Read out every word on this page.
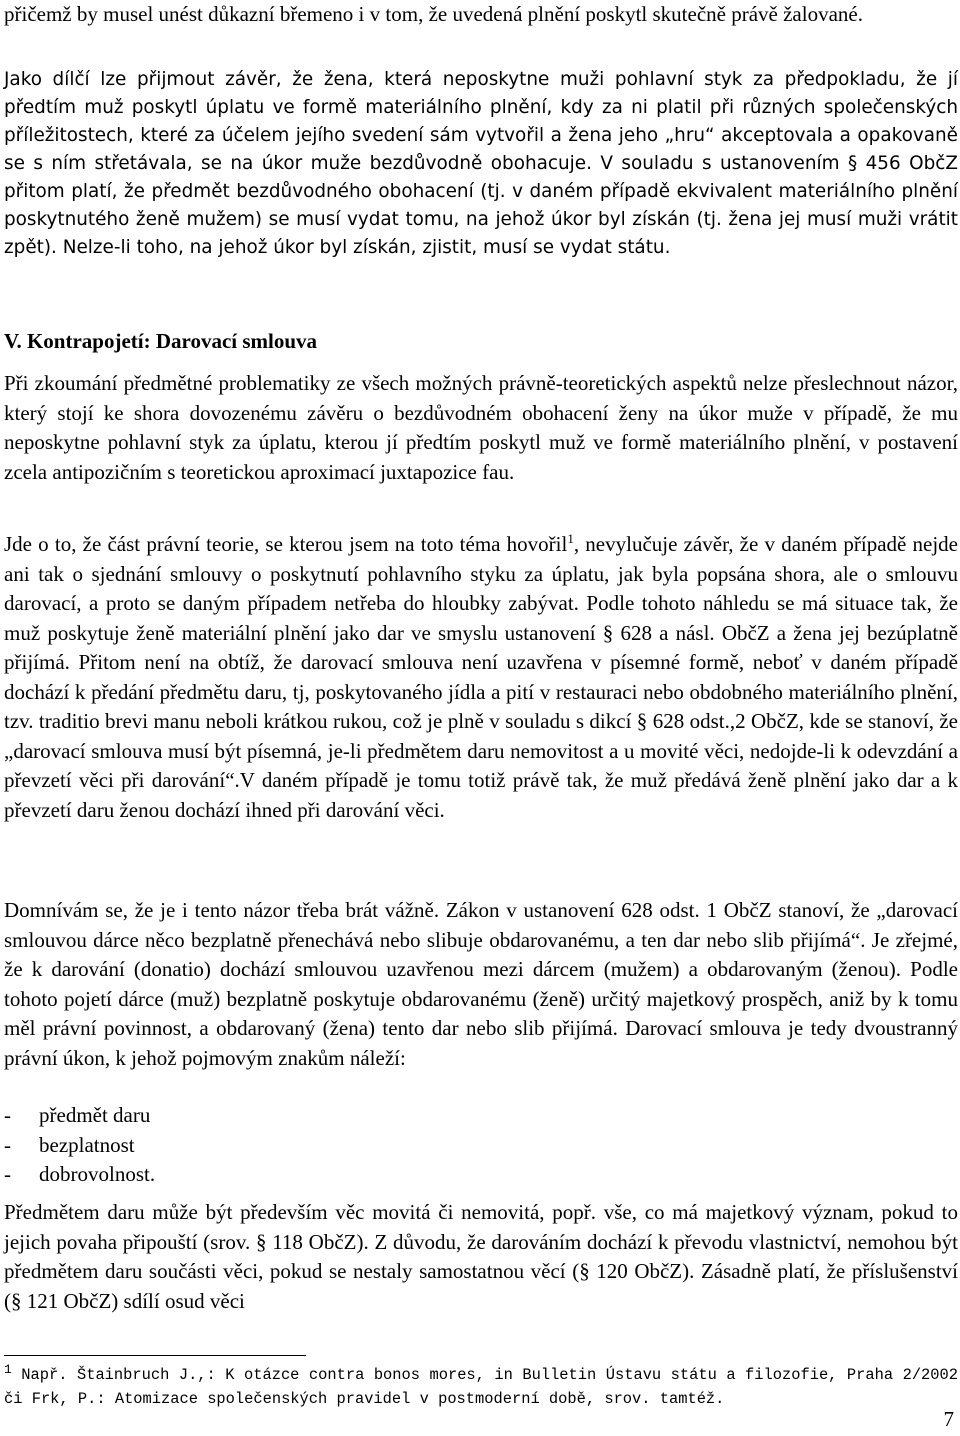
přičemž by musel unést důkazní břemeno i v tom, že uvedená plnění poskytl skutečně právě žalované.

Jako dílčí lze přijmout závěr, že žena, která neposkytne muži pohlavní styk za předpokladu, že jí předtím muž poskytl úplatu ve formě materiálního plnění, kdy za ni platil při různých společenských příležitostech, které za účelem jejího svedení sám vytvořil a žena jeho „hru“ akceptovala a opakovaně se s ním střetávala, se na úkor muže bezdůvodně obohacuje. V souladu s ustanovením § 456 ObčZ přitom platí, že předmět bezdůvodného obohacení (tj. v daném případě ekvivalent materiálního plnění poskytnutého ženě mužem) se musí vydat tomu, na jehož úkor byl získán (tj. žena jej musí muži vrátit zpět). Nelze-li toho, na jehož úkor byl získán, zjistit, musí se vydat státu.

V. Kontrapojetí: Darovací smlouva

Při zkoumání předmětné problematiky ze všech možných právně-teoretických aspektů nelze přeslechnout názor, který stojí ke shora dovozenému závěru o bezdůvodném obohacení ženy na úkor muže v případě, že mu neposkytne pohlavní styk za úplatu, kterou jí předtím poskytl muž ve formě materiálního plnění, v postavení zcela antipozičním s teoretickou aproximací juxtapozice fau.

Jde o to, že část právní teorie, se kterou jsem na toto téma hovořil$^1$, nevylučuje závěr, že v daném případě nejde ani tak o sjednání smlouvy o poskytnutí pohlavního styku za úplatu, jak byla popsána shora, ale o smlouvu darovací, a proto se daným případem netřeba do hloubky zabývat. Podle tohoto náhledu se má situace tak, že muž poskytuje ženě materiální plnění jako dar ve smyslu ustanovení § 628 a násl. ObčZ a žena jej bezúplatně přijímá. Přitom není na obtíž, že darovací smlouva není uzavřena v písemné formě, neboť v daném případě dochází k předání předmětu daru, tj, poskytovaného jídla a pití v restauraci nebo obdobného materiálního plnění, tzv. traditio brevi manu neboli krátkou rukou, což je plně v souladu s dikcí § 628 odst.,2 ObčZ, kde se stanoví, že „darovací smlouva musí být písemná, je-li předmětem daru nemovitost a u movité věci, nedojde-li k odevzdání a převzetí věci při darování“.V daném případě je tomu totiž právě tak, že muž předává ženě plnění jako dar a k převzetí daru ženou dochází ihned při darování věci.

Domnívám se, že je i tento názor třeba brát vážně. Zákon v ustanovení 628 odst. 1 ObčZ stanoví, že „darovací smlouvou dárce něco bezplatně přenechává nebo slibuje obdarovanému, a ten dar nebo slib přijímá“. Je zřejmé, že k darování (donatio) dochází smlouvou uzavřenou mezi dárcem (mužem) a obdarovaným (ženou). Podle tohoto pojetí dárce (muž) bezplatně poskytuje obdarovanému (ženě) určitý majetkový prospěch, aniž by k tomu měl právní povinnost, a obdarovaný (žena) tento dar nebo slib přijímá. Darovací smlouva je tedy dvoustranný právní úkon, k jehož pojmovým znakům náleží:

-	předmět daru
-	bezplatnost
-	dobrovolnost.

Předmětem daru může být především věc movitá či nemovitá, popř. vše, co má majetkový význam, pokud to jejich povaha připouští (srov. § 118 ObčZ). Z důvodu, že darováním dochází k převodu vlastnictví, nemohou být předmětem daru součásti věci, pokud se nestaly samostatnou věcí (§ 120 ObčZ). Zásadně platí, že příslušenství (§ 121 ObčZ) sdílí osud věci

$^1$ Např. Štainbruch J.,: K otázce contra bonos mores, in Bulletin Ústavu státu a filozofie, Praha 2/2002 či Frk, P.: Atomizace společenských pravidel v postmoderní době, srov. tamtéž.

7
